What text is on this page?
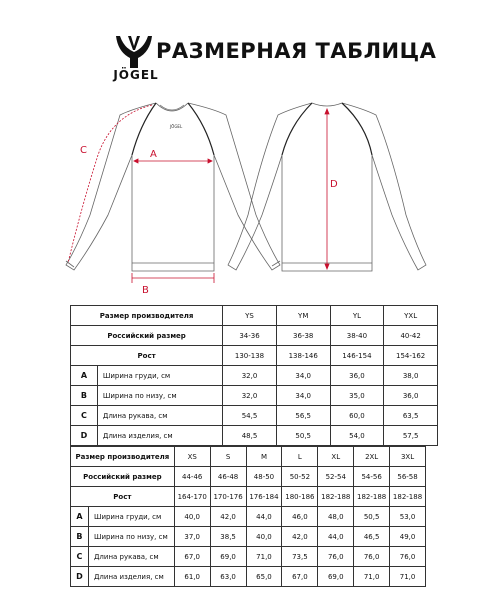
JÖGEL
РАЗМЕРНАЯ ТАБЛИЦА
JÖGEL
A
B
C
D
Размер производителя		YS	YM	YL	YXL
Российский размер		34-36	36-38	38-40	40-42
Рост		130-138	138-146	146-154	154-162
A	Ширина груди, см	32,0	34,0	36,0	38,0
B	Ширина по низу, см	32,0	34,0	35,0	36,0
C	Длина рукава, см	54,5	56,5	60,0	63,5
D	Длина изделия, см	48,5	50,5	54,0	57,5
Размер производителя		XS	S	M	L	XL	2XL	3XL
Российский размер		44-46	46-48	48-50	50-52	52-54	54-56	56-58
Рост		164-170	170-176	176-184	180-186	182-188	182-188	182-188
A	Ширина груди, см	40,0	42,0	44,0	46,0	48,0	50,5	53,0
B	Ширина по низу, см	37,0	38,5	40,0	42,0	44,0	46,5	49,0
C	Длина рукава, см	67,0	69,0	71,0	73,5	76,0	76,0	76,0
D	Длина изделия, см	61,0	63,0	65,0	67,0	69,0	71,0	71,0
